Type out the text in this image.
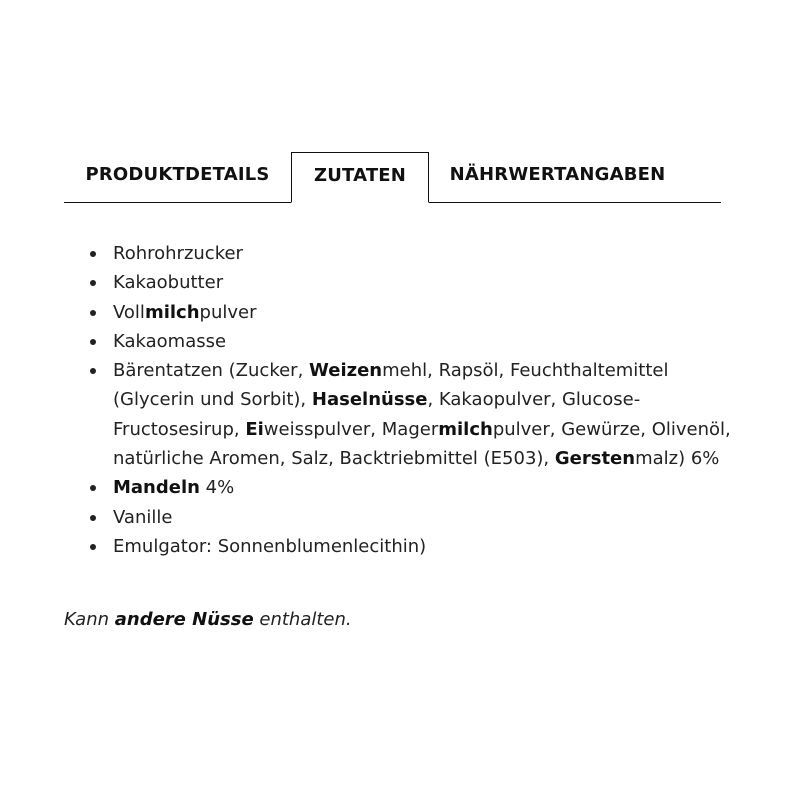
PRODUKTDETAILS	ZUTATEN	NÄHRWERTANGABEN
Rohrohrzucker
Kakaobutter
Vollmilchpulver
Kakaomasse
Bärentatzen (Zucker, Weizenmehl, Rapsöl, Feuchthaltemittel (Glycerin und Sorbit), Haselnüsse, Kakaopulver, Glucose-Fructosesirup, Eiweisspulver, Magermilchpulver, Gewürze, Olivenöl, natürliche Aromen, Salz, Backtriebmittel (E503), Gerstenmalz) 6%
Mandeln 4%
Vanille
Emulgator: Sonnenblumenlecithin)

Kann andere Nüsse enthalten.
